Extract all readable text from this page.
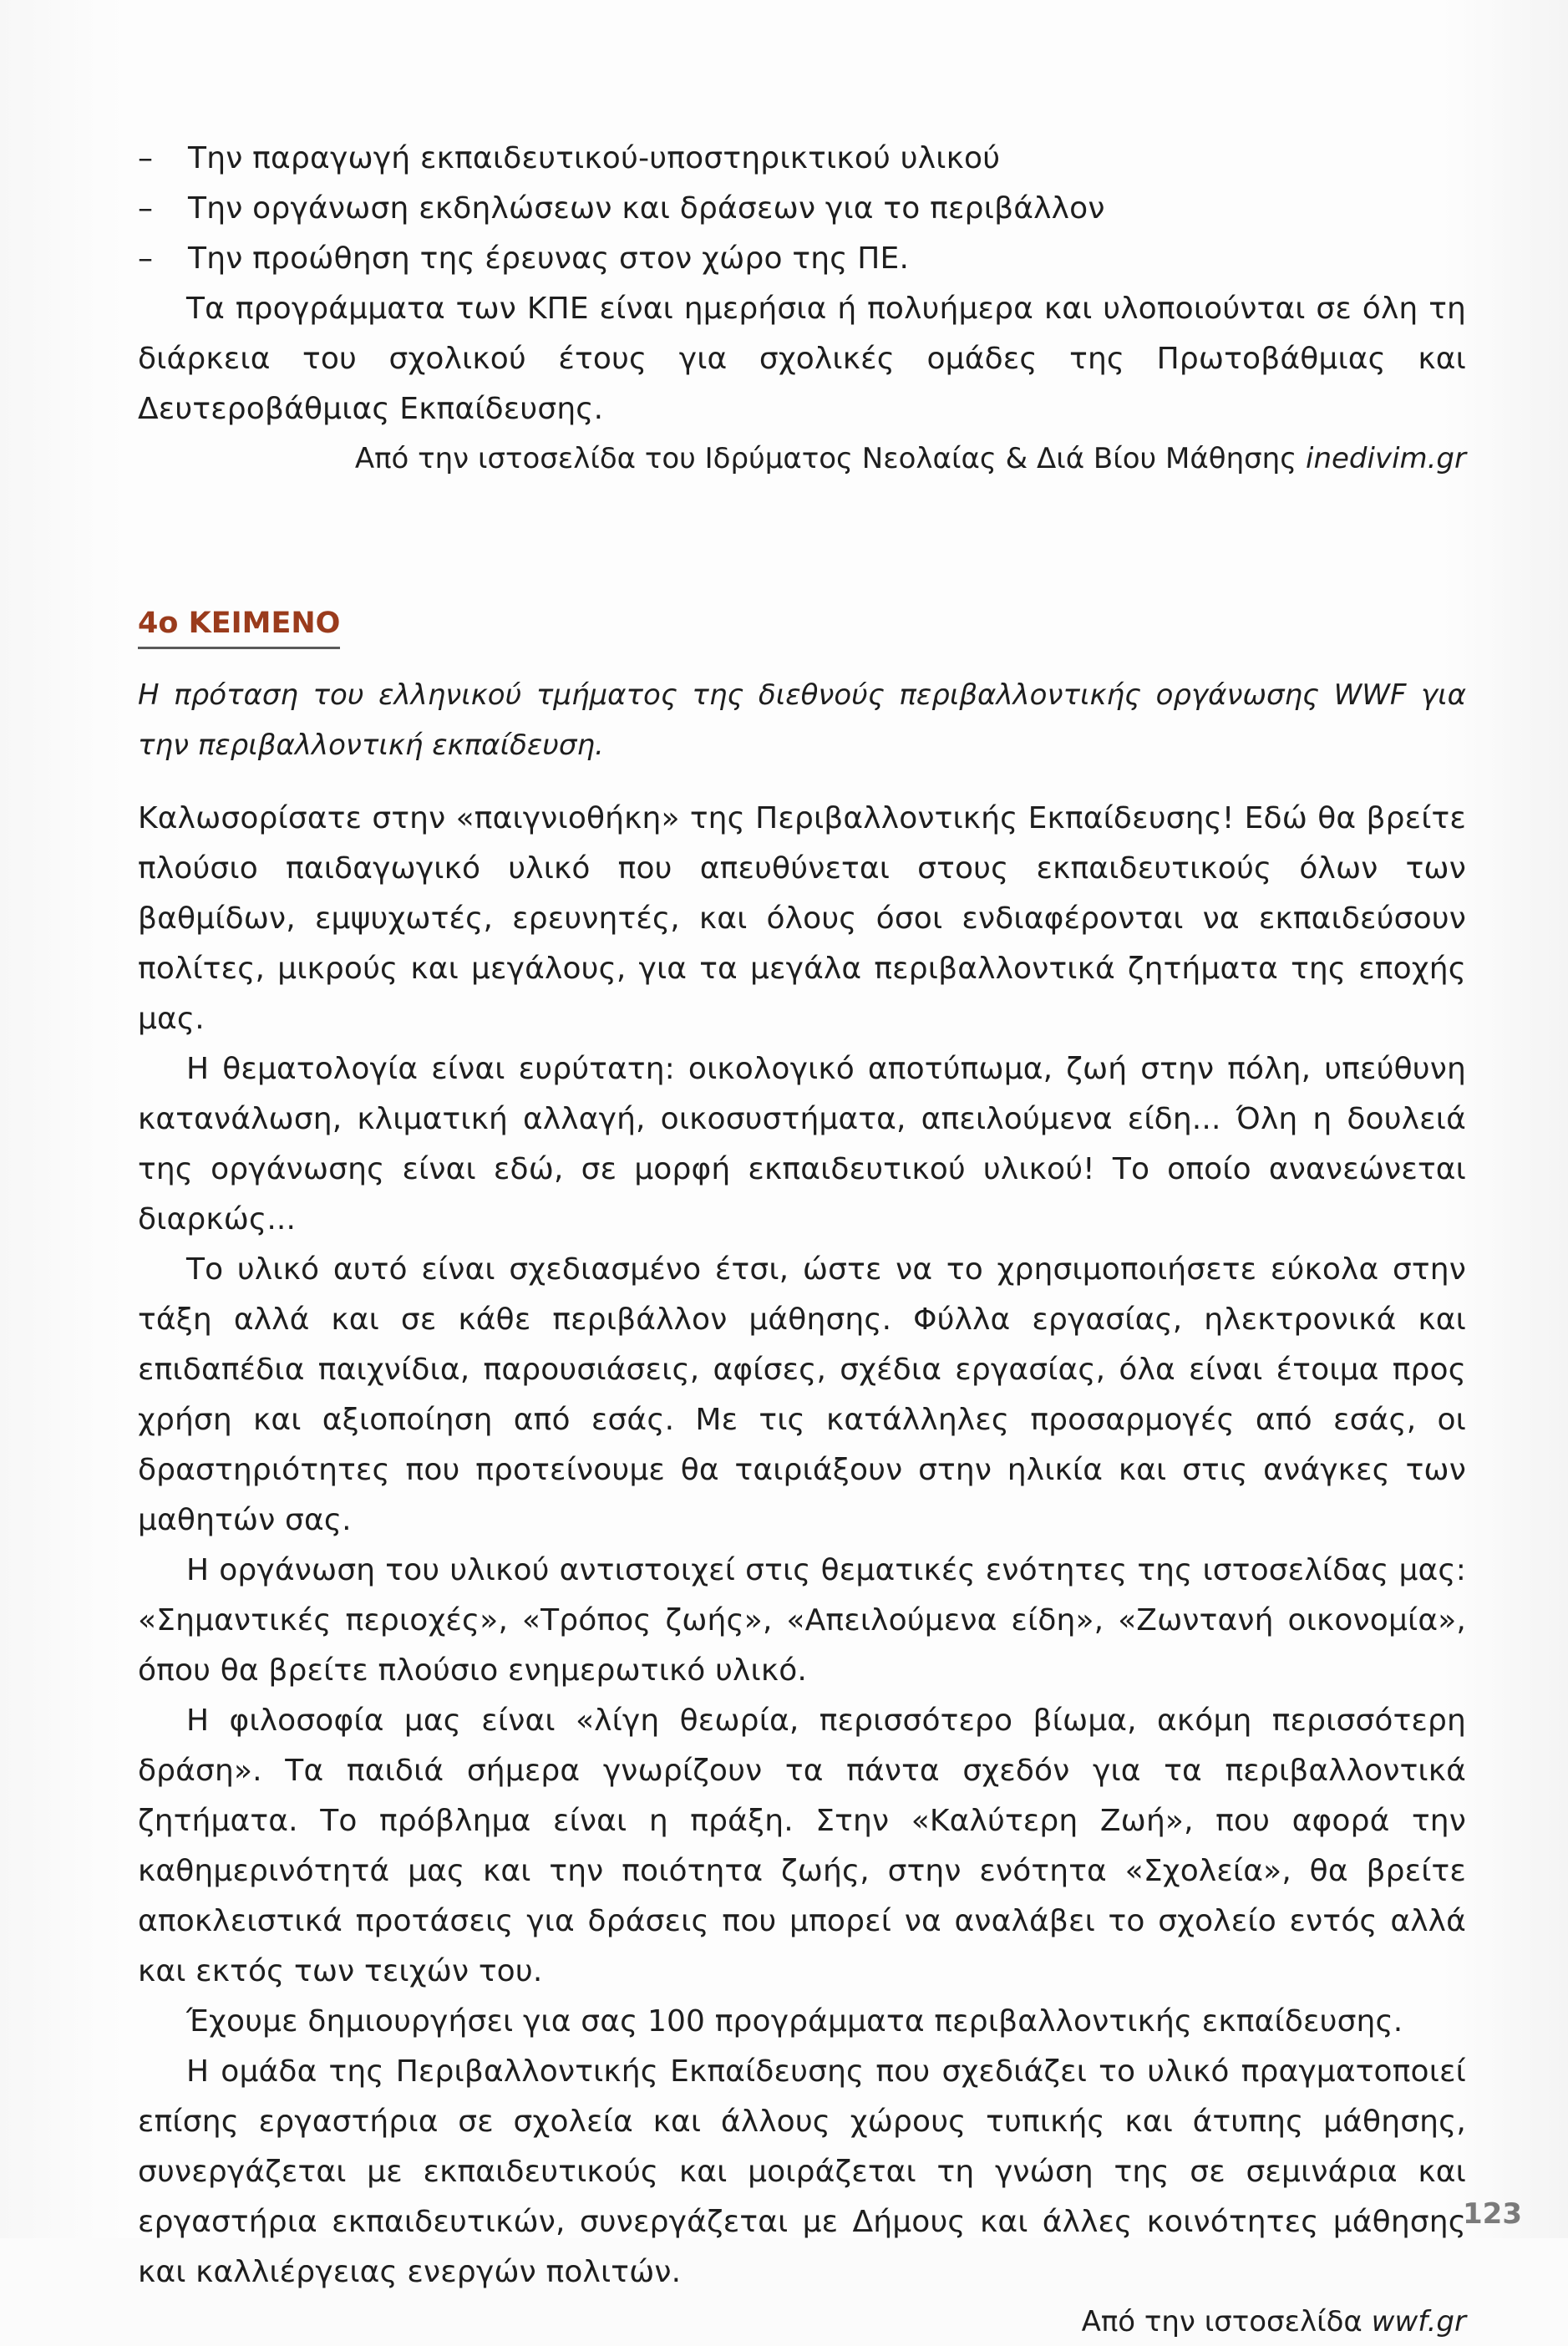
–	Την παραγωγή εκπαιδευτικού-υποστηρικτικού υλικού
–	Την οργάνωση εκδηλώσεων και δράσεων για το περιβάλλον
–	Την προώθηση της έρευνας στον χώρο της ΠΕ.

Τα προγράμματα των ΚΠΕ είναι ημερήσια ή πολυήμερα και υλοποιούνται σε όλη τη διάρκεια του σχολικού έτους για σχολικές ομάδες της Πρωτοβάθμιας και Δευτεροβάθμιας Εκπαίδευσης.

Από την ιστοσελίδα του Ιδρύματος Νεολαίας & Διά Βίου Μάθησης inedivim.gr

4ο ΚΕΙΜΕΝΟ

Η πρόταση του ελληνικού τμήματος της διεθνούς περιβαλλοντικής οργάνωσης WWF για την περιβαλλοντική εκπαίδευση.

Καλωσορίσατε στην «παιγνιοθήκη» της Περιβαλλοντικής Εκπαίδευσης! Εδώ θα βρείτε πλούσιο παιδαγωγικό υλικό που απευθύνεται στους εκπαιδευτικούς όλων των βαθμίδων, εμψυχωτές, ερευνητές, και όλους όσοι ενδιαφέρονται να εκπαιδεύσουν πολίτες, μικρούς και μεγάλους, για τα μεγάλα περιβαλλοντικά ζητήματα της εποχής μας.

Η θεματολογία είναι ευρύτατη: οικολογικό αποτύπωμα, ζωή στην πόλη, υπεύθυνη κατανάλωση, κλιματική αλλαγή, οικοσυστήματα, απειλούμενα είδη... Όλη η δουλειά της οργάνωσης είναι εδώ, σε μορφή εκπαιδευτικού υλικού! Το οποίο ανανεώνεται διαρκώς...

Το υλικό αυτό είναι σχεδιασμένο έτσι, ώστε να το χρησιμοποιήσετε εύκολα στην τάξη αλλά και σε κάθε περιβάλλον μάθησης. Φύλλα εργασίας, ηλεκτρονικά και επιδαπέδια παιχνίδια, παρουσιάσεις, αφίσες, σχέδια εργασίας, όλα είναι έτοιμα προς χρήση και αξιοποίηση από εσάς. Με τις κατάλληλες προσαρμογές από εσάς, οι δραστηριότητες που προτείνουμε θα ταιριάξουν στην ηλικία και στις ανάγκες των μαθητών σας.

Η οργάνωση του υλικού αντιστοιχεί στις θεματικές ενότητες της ιστοσελίδας μας: «Σημαντικές περιοχές», «Τρόπος ζωής», «Απειλούμενα είδη», «Ζωντανή οικονομία», όπου θα βρείτε πλούσιο ενημερωτικό υλικό.

Η φιλοσοφία μας είναι «λίγη θεωρία, περισσότερο βίωμα, ακόμη περισσότερη δράση». Τα παιδιά σήμερα γνωρίζουν τα πάντα σχεδόν για τα περιβαλλοντικά ζητήματα. Το πρόβλημα είναι η πράξη. Στην «Καλύτερη Ζωή», που αφορά την καθημερινότητά μας και την ποιότητα ζωής, στην ενότητα «Σχολεία», θα βρείτε αποκλειστικά προτάσεις για δράσεις που μπορεί να αναλάβει το σχολείο εντός αλλά και εκτός των τειχών του.

Έχουμε δημιουργήσει για σας 100 προγράμματα περιβαλλοντικής εκπαίδευσης.

Η ομάδα της Περιβαλλοντικής Εκπαίδευσης που σχεδιάζει το υλικό πραγματοποιεί επίσης εργαστήρια σε σχολεία και άλλους χώρους τυπικής και άτυπης μάθησης, συνεργάζεται με εκπαιδευτικούς και μοιράζεται τη γνώση της σε σεμινάρια και εργαστήρια εκπαιδευτικών, συνεργάζεται με Δήμους και άλλες κοινότητες μάθησης και καλλιέργειας ενεργών πολιτών.

Από την ιστοσελίδα wwf.gr

123
